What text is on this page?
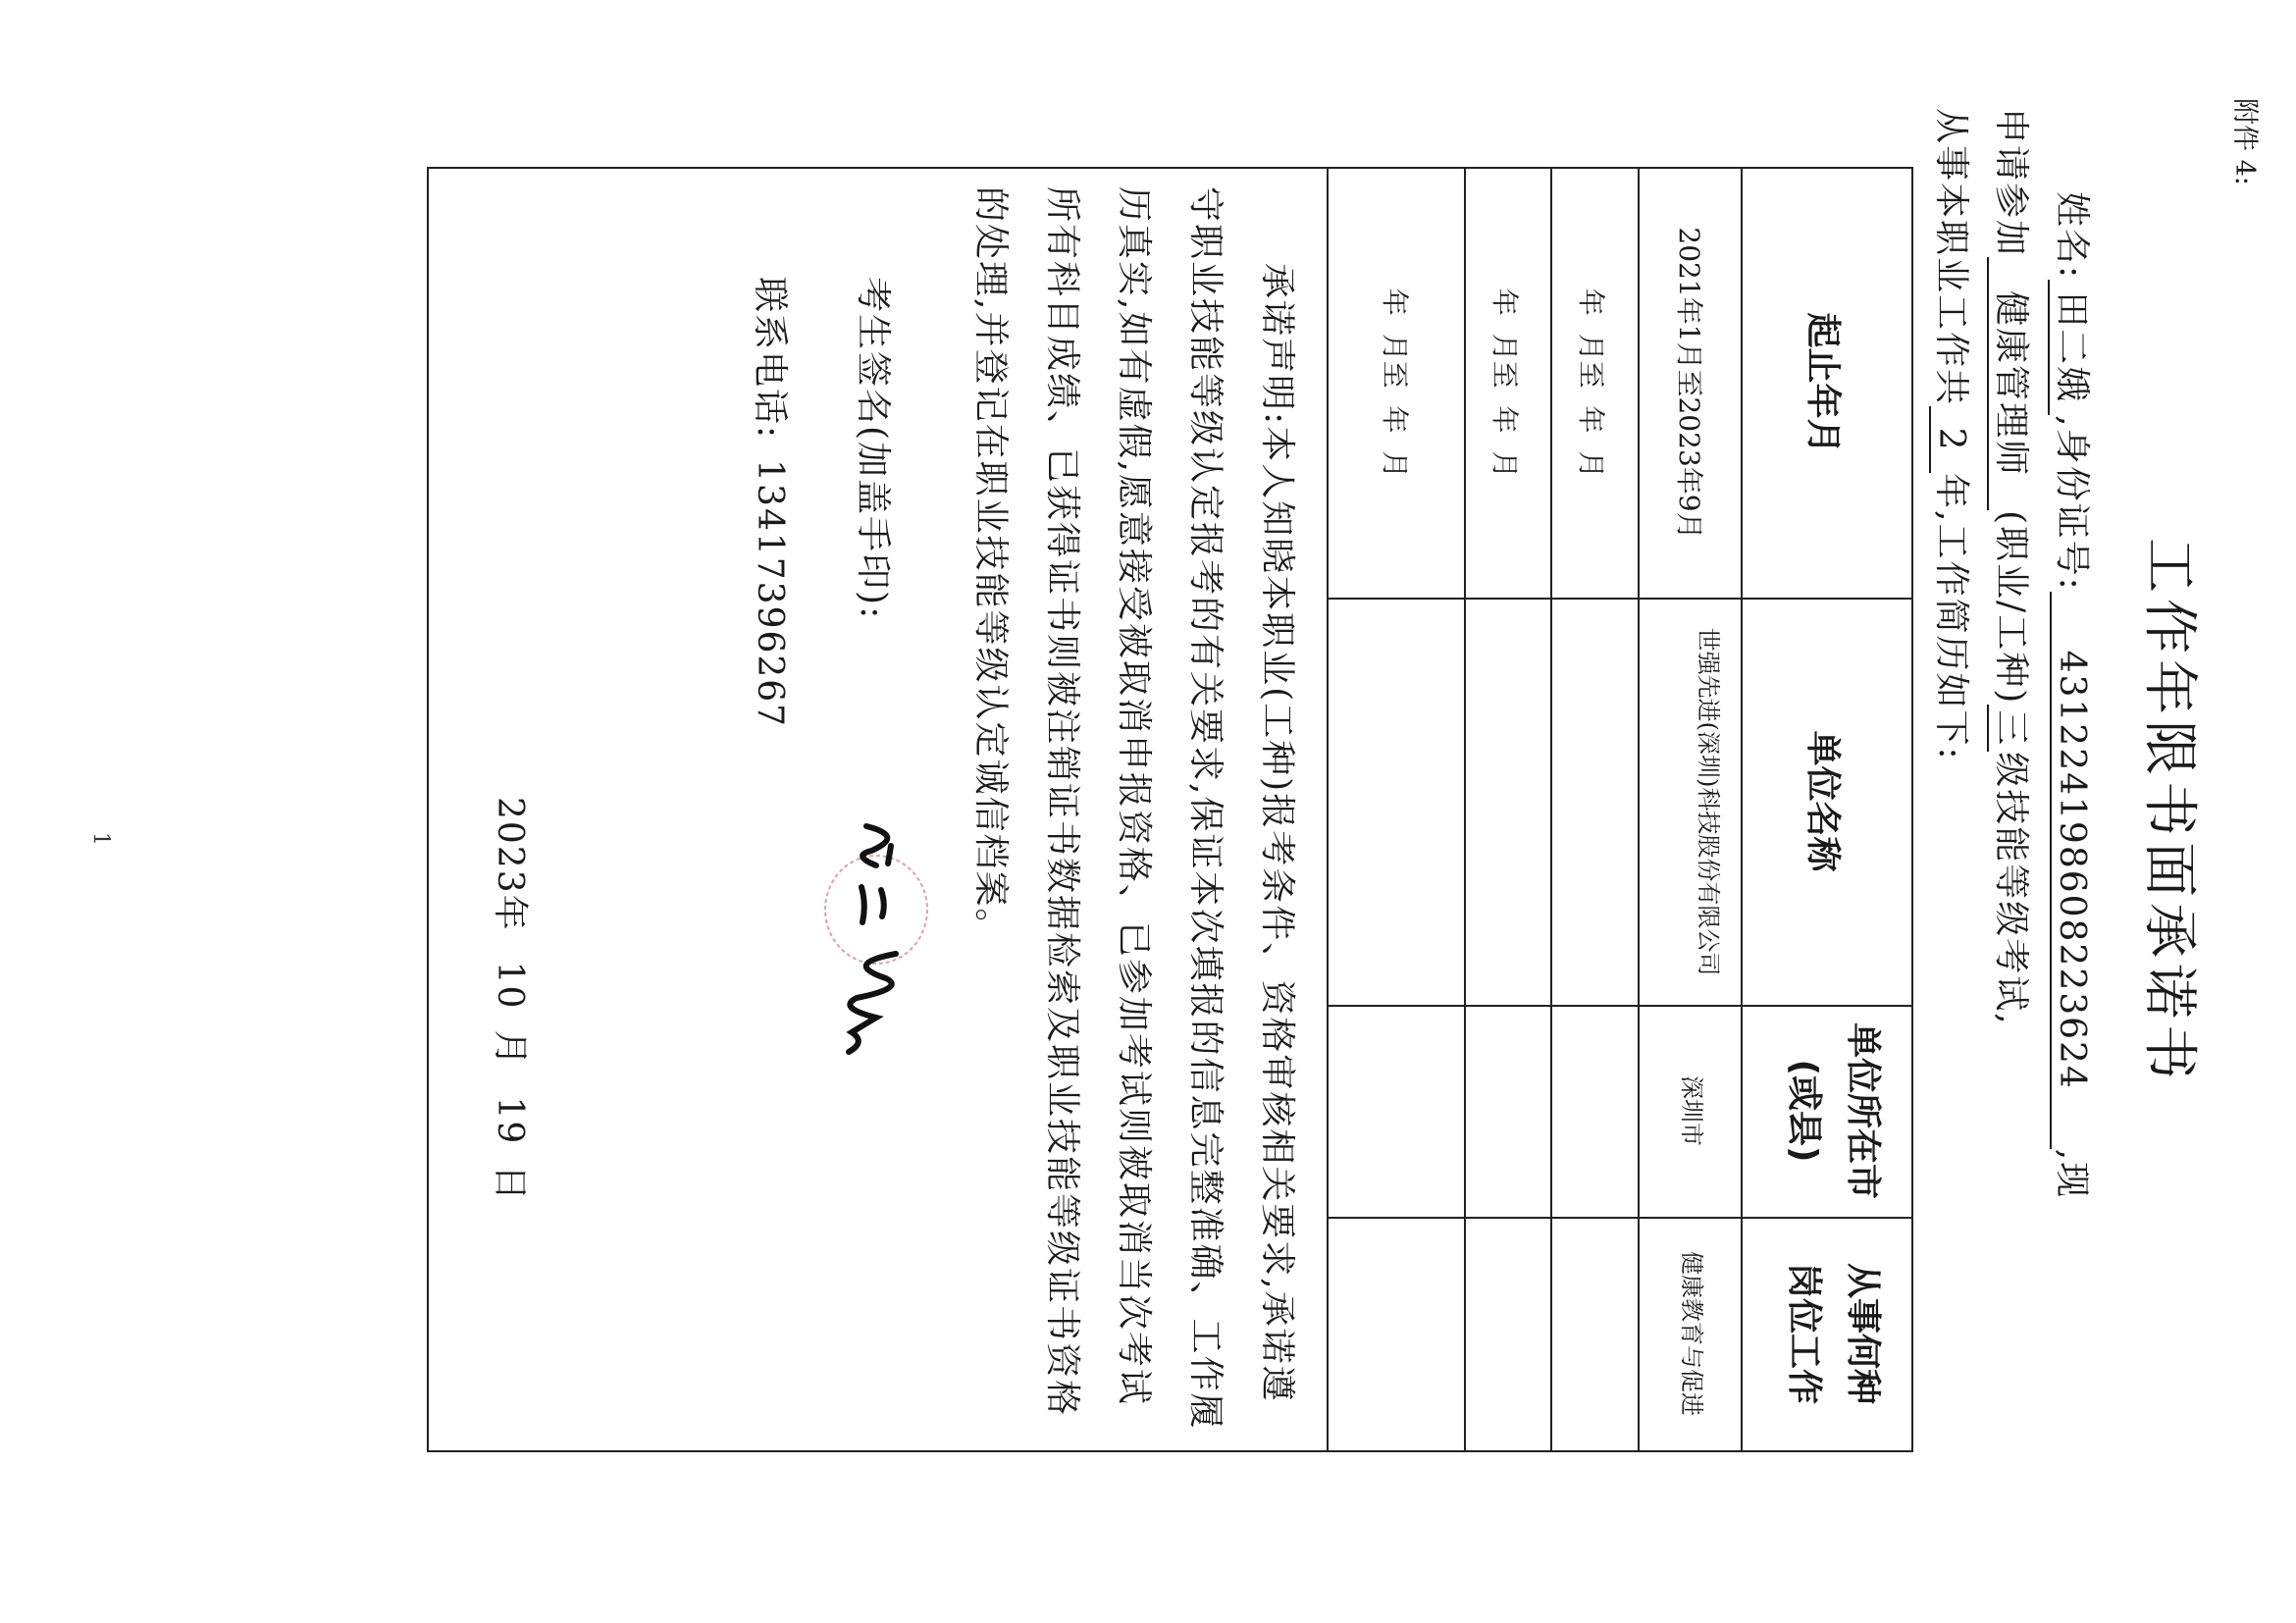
附件 4:
工作年限书面承诺书
姓名:田二娥,身份证号:431224198608223624,现
申请参加健康管理师(职业/工种)三级技能等级考试,
从事本职业工作共2年,工作简历如下:
起止年月
单位名称
单位所在市
(或县)
从事何种
岗位工作
2021年1月至2023年9月
世强先进(深圳)科技股份有限公司
深圳市
健康教育与促进
年  月至  年  月
年  月至  年  月
年  月至  年  月
承诺声明:本人知晓本职业(工种)报考条件、资格审核相关要求,承诺遵守职业技能等级认定报考的有关要求,保证本次填报的信息完整准确、工作履历真实,如有虚假,愿意接受被取消申报资格、已参加考试则被取消当次考试所有科目成绩、已获得证书则被注销证书数据检索及职业技能等级证书资格的处理,并登记在职业技能等级认定诚信档案。
考生签名(加盖手印):
联系电话:13417396267
2023年10月19日
1
